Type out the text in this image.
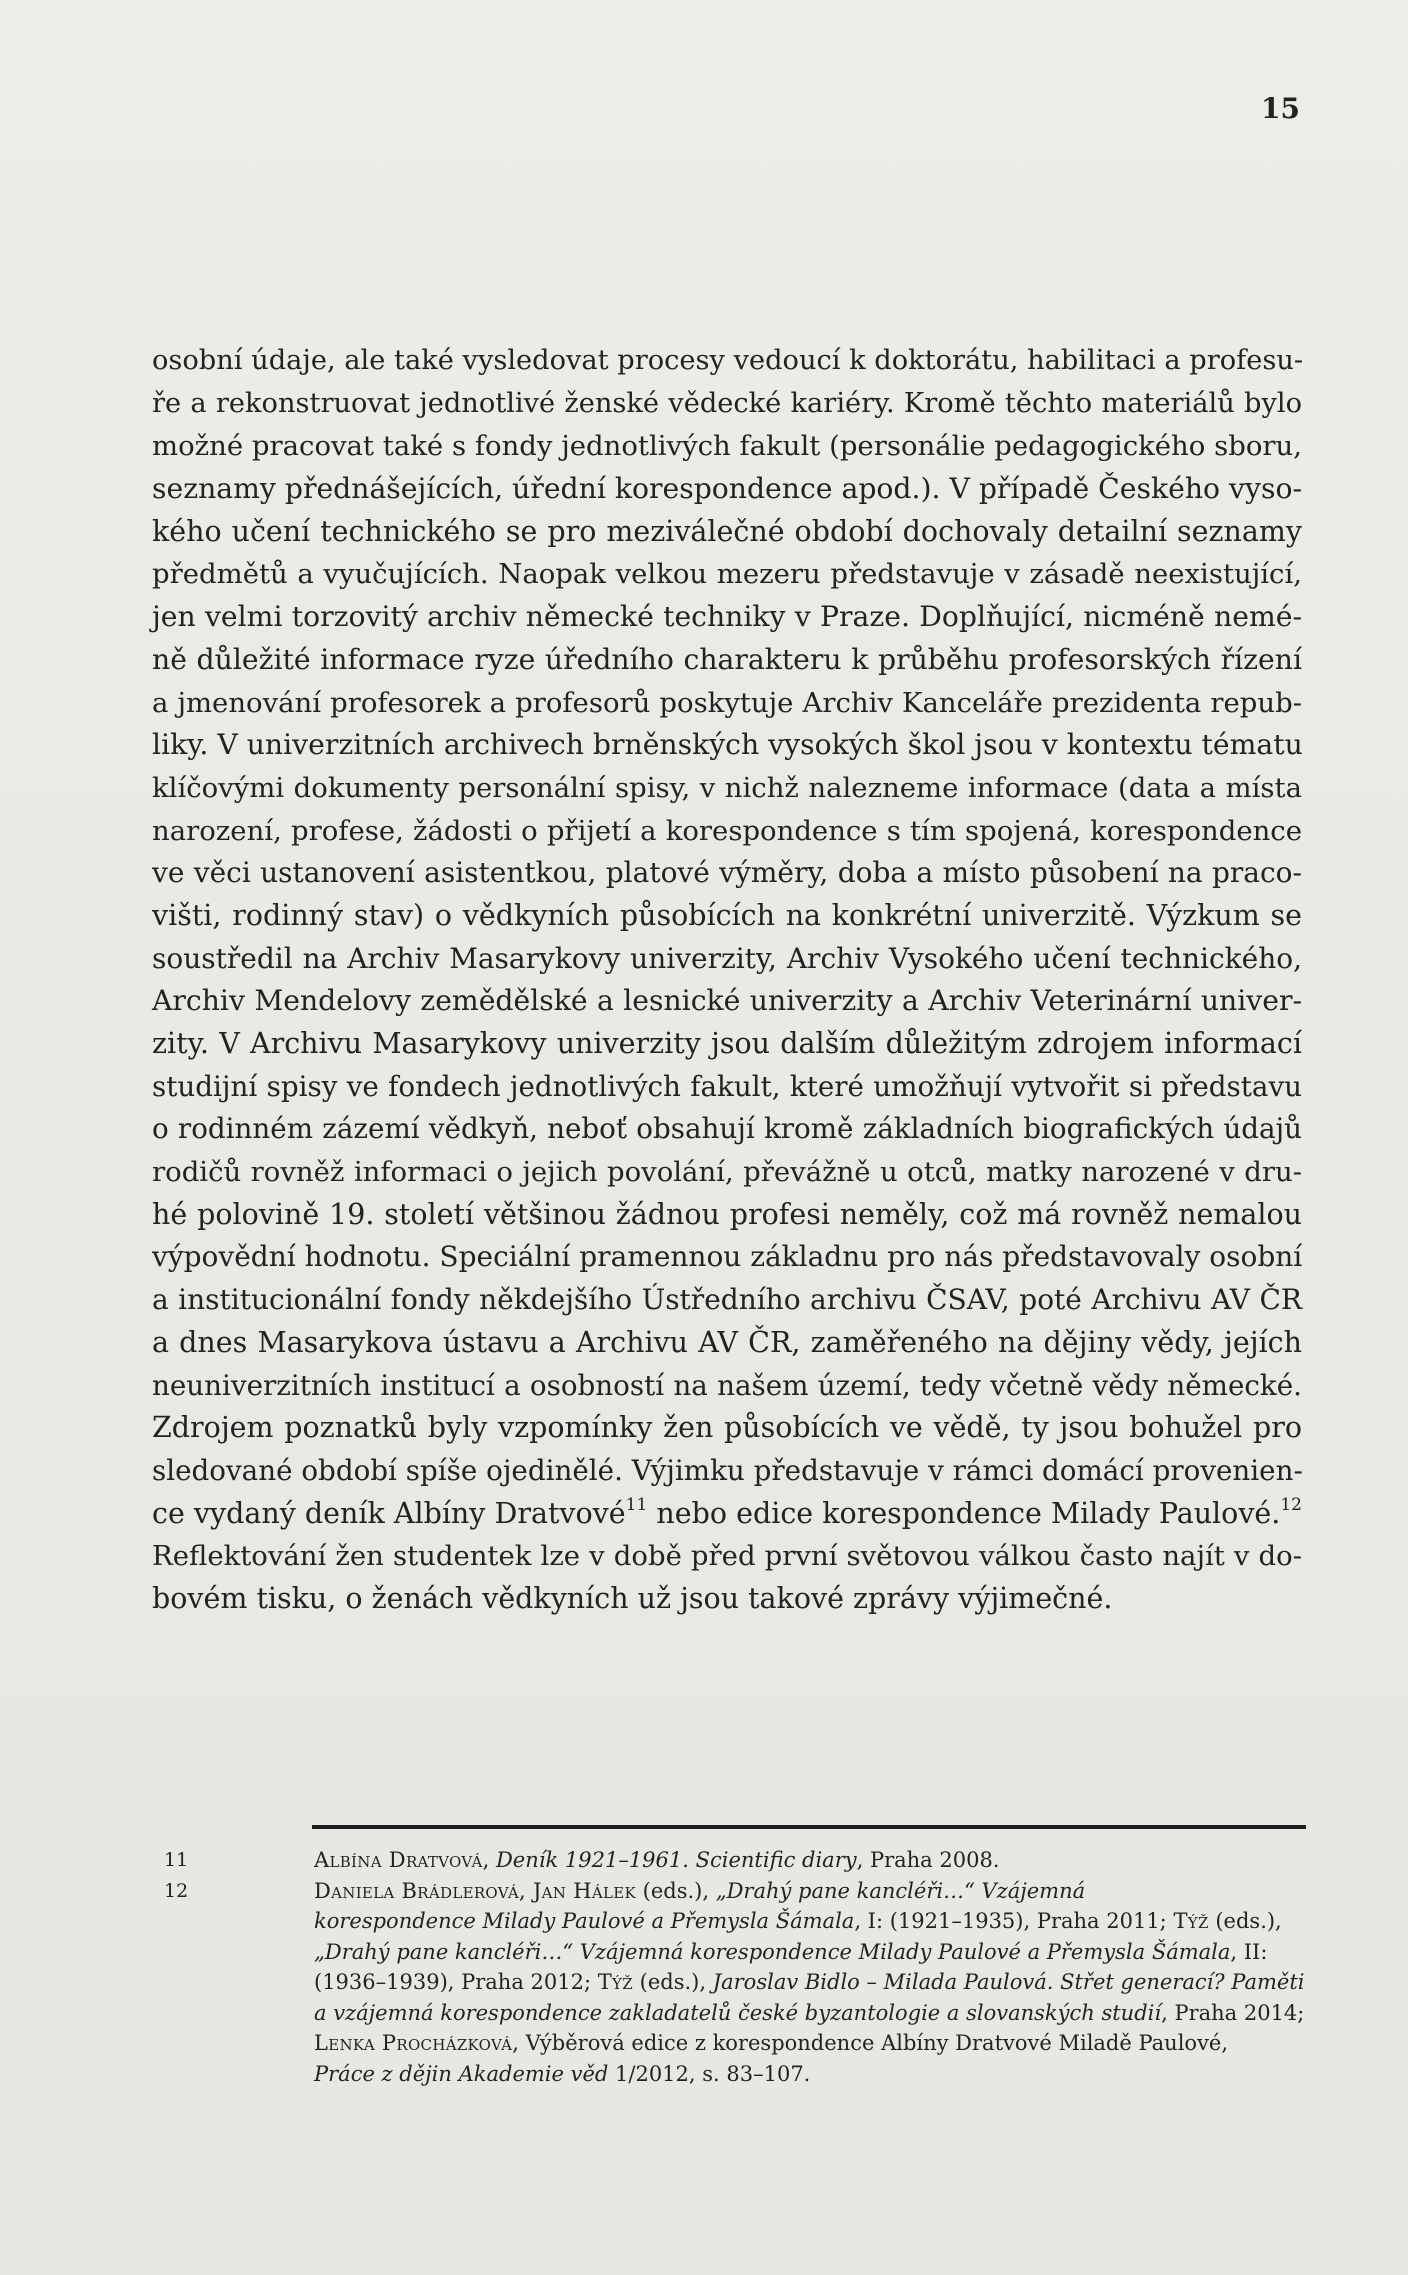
15
osobní údaje, ale také vysledovat procesy vedoucí k doktorátu, habilitaci a profesu-
ře a rekonstruovat jednotlivé ženské vědecké kariéry. Kromě těchto materiálů bylo
možné pracovat také s fondy jednotlivých fakult (personálie pedagogického sboru,
seznamy přednášejících, úřední korespondence apod.). V případě Českého vyso-
kého učení technického se pro meziválečné období dochovaly detailní seznamy
předmětů a vyučujících. Naopak velkou mezeru představuje v zásadě neexistující,
jen velmi torzovitý archiv německé techniky v Praze. Doplňující, nicméně nemé-
ně důležité informace ryze úředního charakteru k průběhu profesorských řízení
a jmenování profesorek a profesorů poskytuje Archiv Kanceláře prezidenta repub-
liky. V univerzitních archivech brněnských vysokých škol jsou v kontextu tématu
klíčovými dokumenty personální spisy, v nichž nalezneme informace (data a místa
narození, profese, žádosti o přijetí a korespondence s tím spojená, korespondence
ve věci ustanovení asistentkou, platové výměry, doba a místo působení na praco-
višti, rodinný stav) o vědkyních působících na konkrétní univerzitě. Výzkum se
soustředil na Archiv Masarykovy univerzity, Archiv Vysokého učení technického,
Archiv Mendelovy zemědělské a lesnické univerzity a Archiv Veterinární univer-
zity. V Archivu Masarykovy univerzity jsou dalším důležitým zdrojem informací
studijní spisy ve fondech jednotlivých fakult, které umožňují vytvořit si představu
o rodinném zázemí vědkyň, neboť obsahují kromě základních biografických údajů
rodičů rovněž informaci o jejich povolání, převážně u otců, matky narozené v dru-
hé polovině 19. století většinou žádnou profesi neměly, což má rovněž nemalou
výpovědní hodnotu. Speciální pramennou základnu pro nás představovaly osobní
a institucionální fondy někdejšího Ústředního archivu ČSAV, poté Archivu AV ČR
a dnes Masarykova ústavu a Archivu AV ČR, zaměřeného na dějiny vědy, jejích
neuniverzitních institucí a osobností na našem území, tedy včetně vědy německé.
Zdrojem poznatků byly vzpomínky žen působících ve vědě, ty jsou bohužel pro
sledované období spíše ojedinělé. Výjimku představuje v rámci domácí provenien-
ce vydaný deník Albíny Dratvové$^{11}$ nebo edice korespondence Milady Paulové.$^{12}$
Reflektování žen studentek lze v době před první světovou válkou často najít v do-
bovém tisku, o ženách vědkyních už jsou takové zprávy výjimečné.
11	Albína Dratvová, Deník 1921–1961. Scientific diary, Praha 2008.
12	Daniela Brádlerová, Jan Hálek (eds.), „Drahý pane kancléři…“ Vzájemná
korespondence Milady Paulové a Přemysla Šámala, I: (1921–1935), Praha 2011; Týž (eds.),
„Drahý pane kancléři…“ Vzájemná korespondence Milady Paulové a Přemysla Šámala, II:
(1936–1939), Praha 2012; Týž (eds.), Jaroslav Bidlo – Milada Paulová. Střet generací? Paměti
a vzájemná korespondence zakladatelů české byzantologie a slovanských studií, Praha 2014;
Lenka Procházková, Výběrová edice z korespondence Albíny Dratvové Miladě Paulové,
Práce z dějin Akademie věd 1/2012, s. 83–107.
